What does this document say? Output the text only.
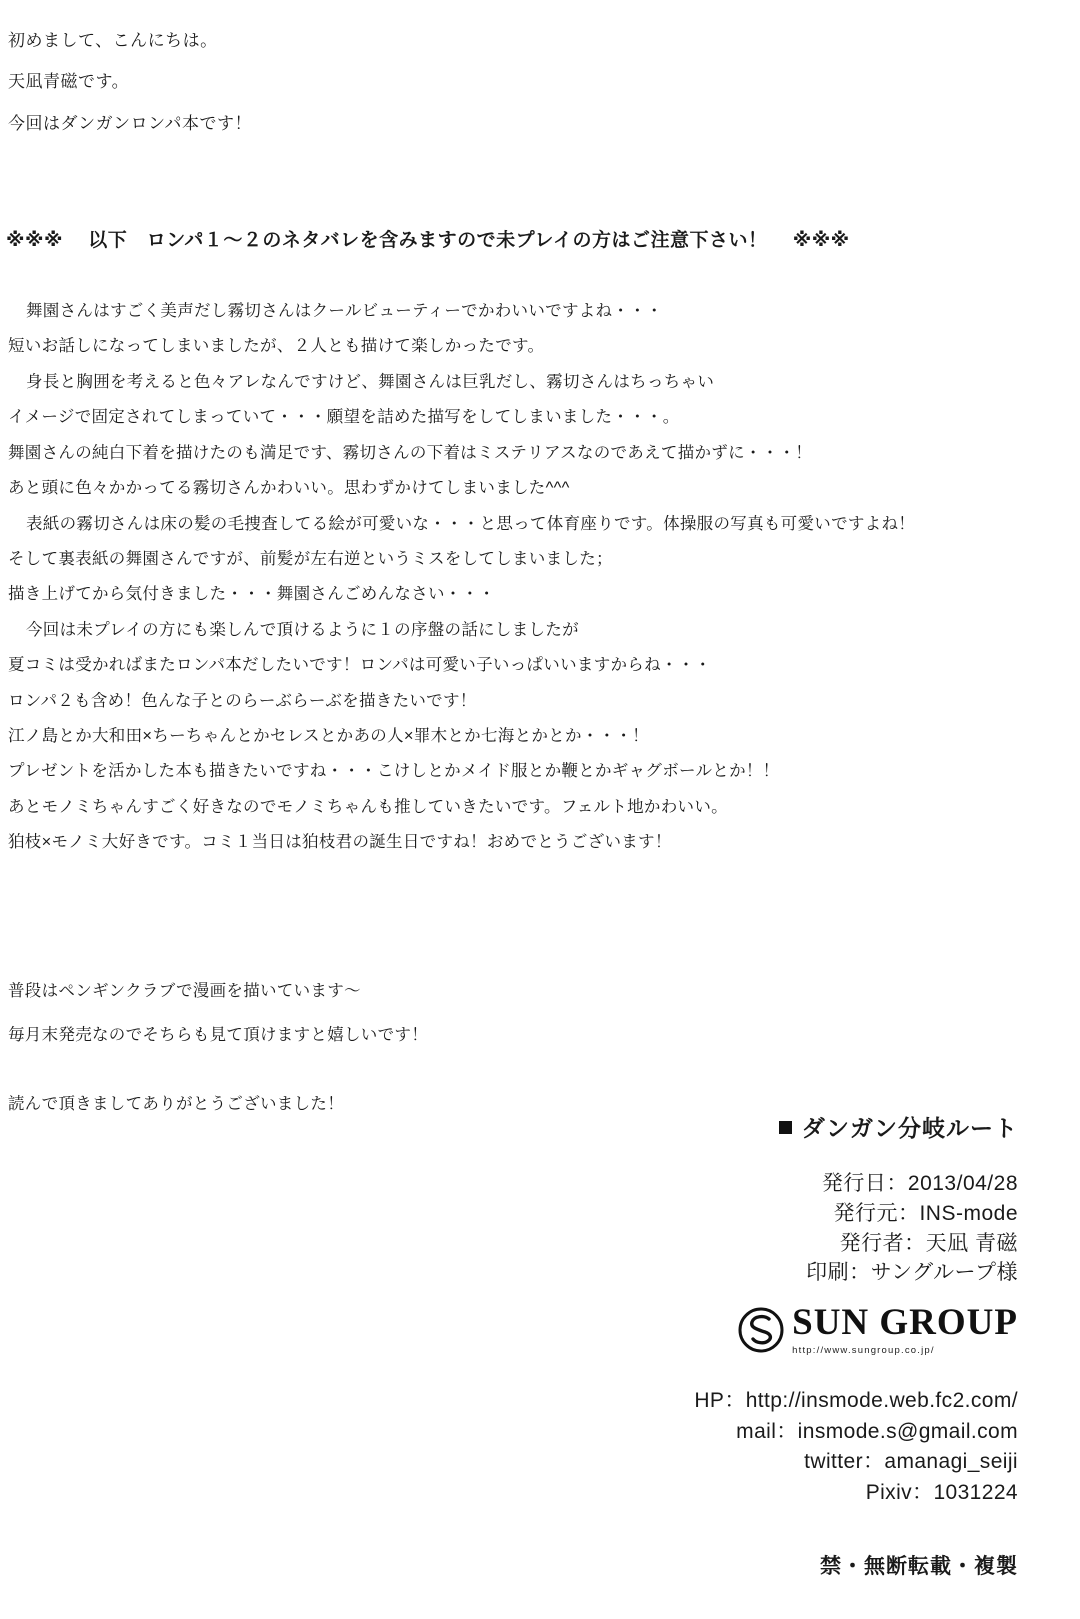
初めまして、こんにちは。

天凪青磁です。

今回はダンガンロンパ本です！

※※※　 以下　ロンパ１〜２のネタバレを含みますので未プレイの方はご注意下さい！　 ※※※

舞園さんはすごく美声だし霧切さんはクールビューティーでかわいいですよね・・・

短いお話しになってしまいましたが、２人とも描けて楽しかったです。

身長と胸囲を考えると色々アレなんですけど、舞園さんは巨乳だし、霧切さんはちっちゃい

イメージで固定されてしまっていて・・・願望を詰めた描写をしてしまいました・・・。

舞園さんの純白下着を描けたのも満足です、霧切さんの下着はミステリアスなのであえて描かずに・・・！

あと頭に色々かかってる霧切さんかわいい。思わずかけてしまいました^^^

表紙の霧切さんは床の髪の毛捜査してる絵が可愛いな・・・と思って体育座りです。体操服の写真も可愛いですよね！

そして裏表紙の舞園さんですが、前髪が左右逆というミスをしてしまいました；

描き上げてから気付きました・・・舞園さんごめんなさい・・・

今回は未プレイの方にも楽しんで頂けるように１の序盤の話にしましたが

夏コミは受かればまたロンパ本だしたいです！ロンパは可愛い子いっぱいいますからね・・・

ロンパ２も含め！色んな子とのらーぶらーぶを描きたいです！

江ノ島とか大和田×ちーちゃんとかセレスとかあの人×罪木とか七海とかとか・・・！

プレゼントを活かした本も描きたいですね・・・こけしとかメイド服とか鞭とかギャグボールとか！！

あとモノミちゃんすごく好きなのでモノミちゃんも推していきたいです。フェルト地かわいい。

狛枝×モノミ大好きです。コミ１当日は狛枝君の誕生日ですね！おめでとうございます！

普段はペンギンクラブで漫画を描いています〜

毎月末発売なのでそちらも見て頂けますと嬉しいです！

読んで頂きましてありがとうございました！

ダンガン分岐ルート
発行日：2013/04/28
発行元：INS-mode
発行者：天凪 青磁
印刷：サングループ様
SUN GROUP
http://www.sungroup.co.jp/
HP：http://insmode.web.fc2.com/
mail：insmode.s@gmail.com
twitter：amanagi_seiji
Pixiv：1031224
禁・無断転載・複製
